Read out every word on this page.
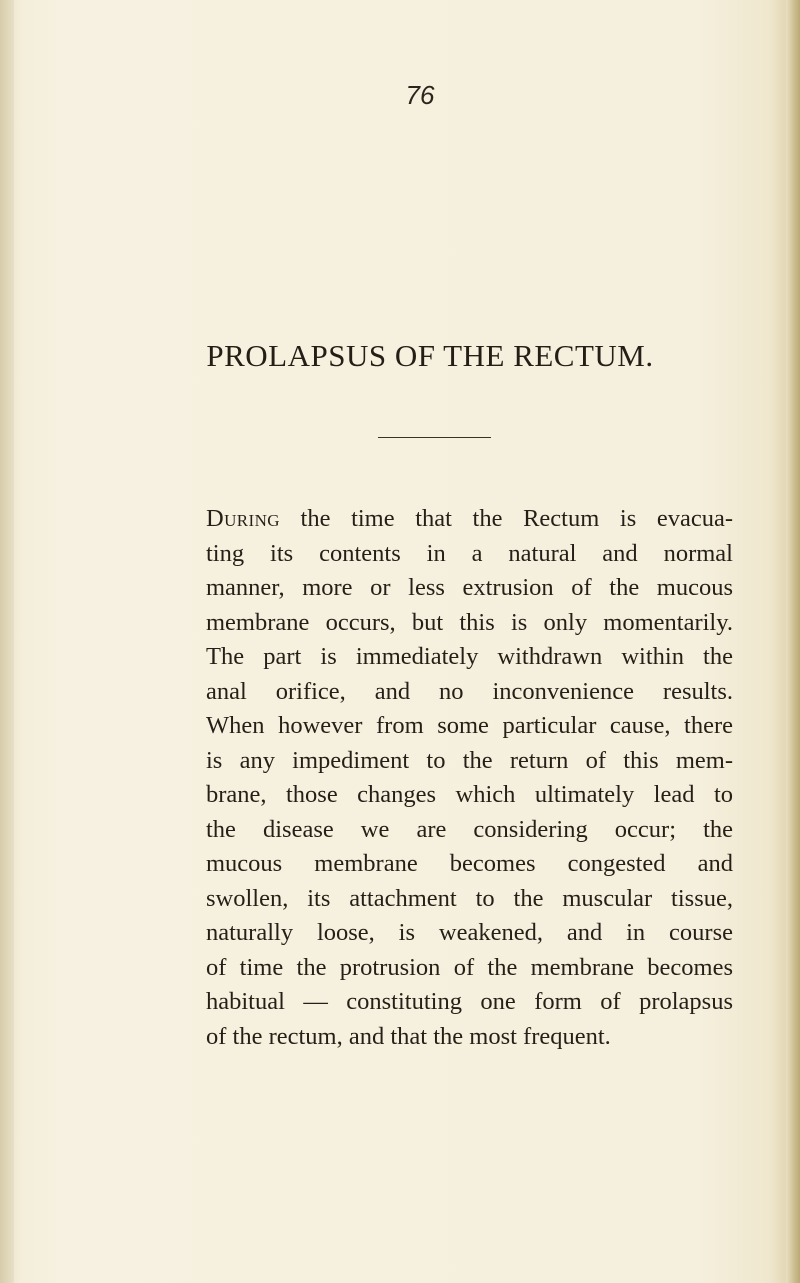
76
PROLAPSUS OF THE RECTUM.
During the time that the Rectum is evacua-
ting its contents in a natural and normal
manner, more or less extrusion of the mucous
membrane occurs, but this is only momentarily.
The part is immediately withdrawn within the
anal orifice, and no inconvenience results.
When however from some particular cause, there
is any impediment to the return of this mem-
brane, those changes which ultimately lead to
the disease we are considering occur; the
mucous membrane becomes congested and
swollen, its attachment to the muscular tissue,
naturally loose, is weakened, and in course
of time the protrusion of the membrane becomes
habitual — constituting one form of prolapsus
of the rectum, and that the most frequent.
